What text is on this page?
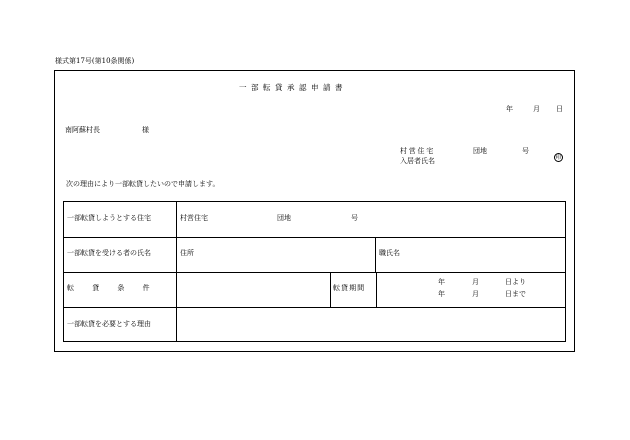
様式第17号(第10条関係)
一部転貸承認申請書
年	月 日
南阿蘇村長	様
村営住宅	団地	号
入居者氏名	印
次の理由により一部転貸したいので申請します。
一部転貸しようとする住宅	村営住宅	団地	号
一部転貸を受ける者の氏名	住所	職氏名
転貸条件	転貸期間
年	月	日より
年	月	日まで
一部転貸を必要とする理由
